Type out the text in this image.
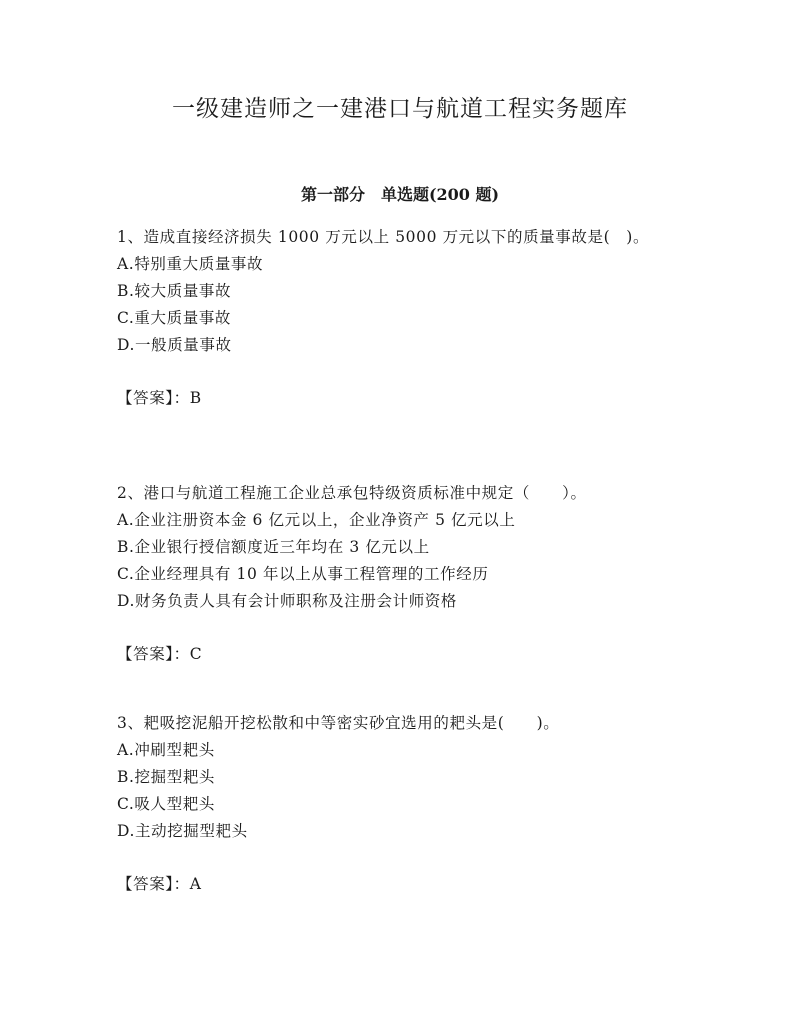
一级建造师之一建港口与航道工程实务题库
第一部分　单选题(200 题)
1、造成直接经济损失 1000 万元以上 5000 万元以下的质量事故是(　)。
A.特别重大质量事故
B.较大质量事故
C.重大质量事故
D.一般质量事故
【答案】：B
2、港口与航道工程施工企业总承包特级资质标准中规定（　　）。
A.企业注册资本金 6 亿元以上，企业净资产 5 亿元以上
B.企业银行授信额度近三年均在 3 亿元以上
C.企业经理具有 10 年以上从事工程管理的工作经历
D.财务负责人具有会计师职称及注册会计师资格
【答案】：C
3、耙吸挖泥船开挖松散和中等密实砂宜选用的耙头是(　　)。
A.冲刷型耙头
B.挖掘型耙头
C.吸人型耙头
D.主动挖掘型耙头
【答案】：A
